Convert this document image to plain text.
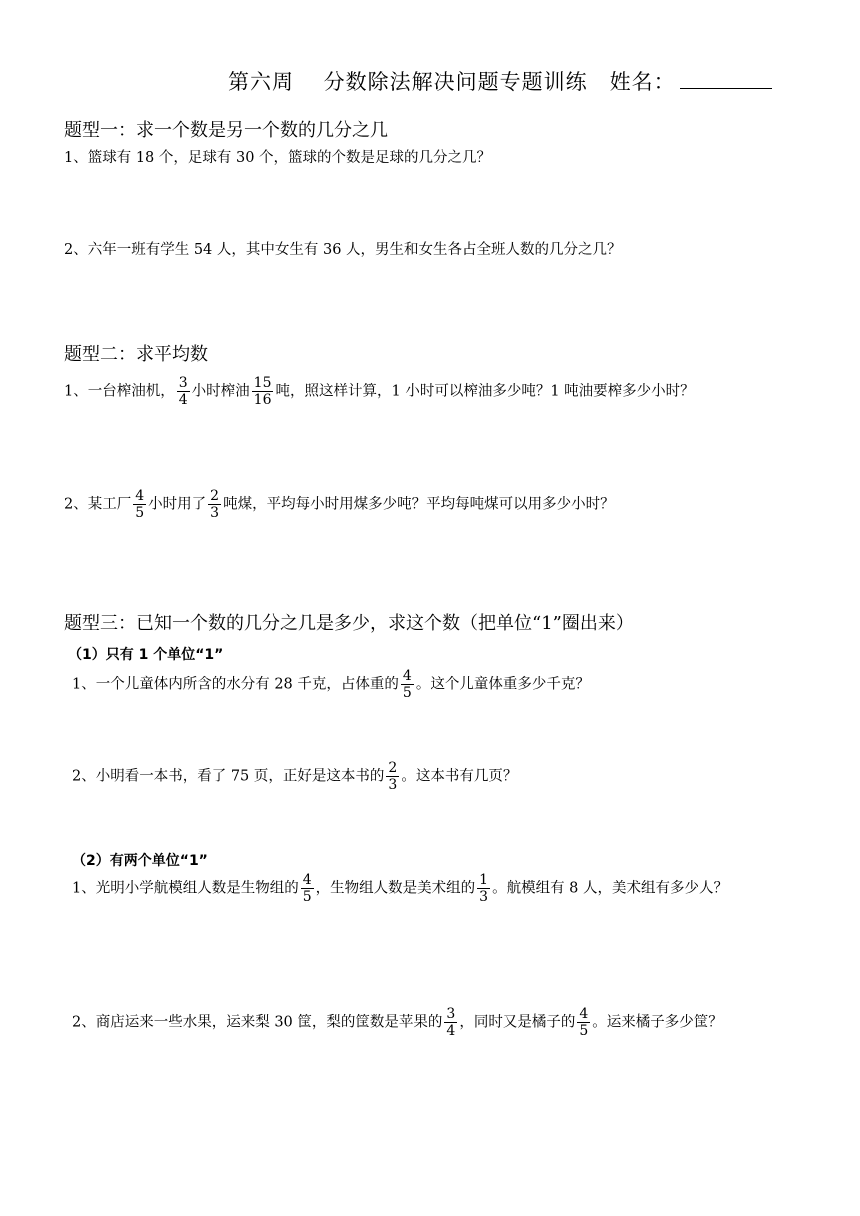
第六周　 分数除法解决问题专题训练　姓名：
题型一：求一个数是另一个数的几分之几
1、篮球有 18 个，足球有 30 个，篮球的个数是足球的几分之几？
2、六年一班有学生 54 人，其中女生有 36 人，男生和女生各占全班人数的几分之几？
题型二：求平均数
1、一台榨油机， $\frac{3}{4}$ 小时榨油 $\frac{15}{16}$ 吨，照这样计算，1 小时可以榨油多少吨？1 吨油要榨多少小时？
2、某工厂 $\frac{4}{5}$ 小时用了 $\frac{2}{3}$ 吨煤，平均每小时用煤多少吨？平均每吨煤可以用多少小时？
题型三：已知一个数的几分之几是多少，求这个数（把单位“1”圈出来）
（1）只有 1 个单位“1”
1、一个儿童体内所含的水分有 28 千克，占体重的 $\frac{4}{5}$ 。这个儿童体重多少千克？
2、小明看一本书，看了 75 页，正好是这本书的 $\frac{2}{3}$ 。这本书有几页？
（2）有两个单位“1”
1、光明小学航模组人数是生物组的 $\frac{4}{5}$ ，生物组人数是美术组的 $\frac{1}{3}$ 。航模组有 8 人，美术组有多少人？
2、商店运来一些水果，运来梨 30 筐，梨的筐数是苹果的 $\frac{3}{4}$ ，同时又是橘子的 $\frac{4}{5}$ 。运来橘子多少筐？
